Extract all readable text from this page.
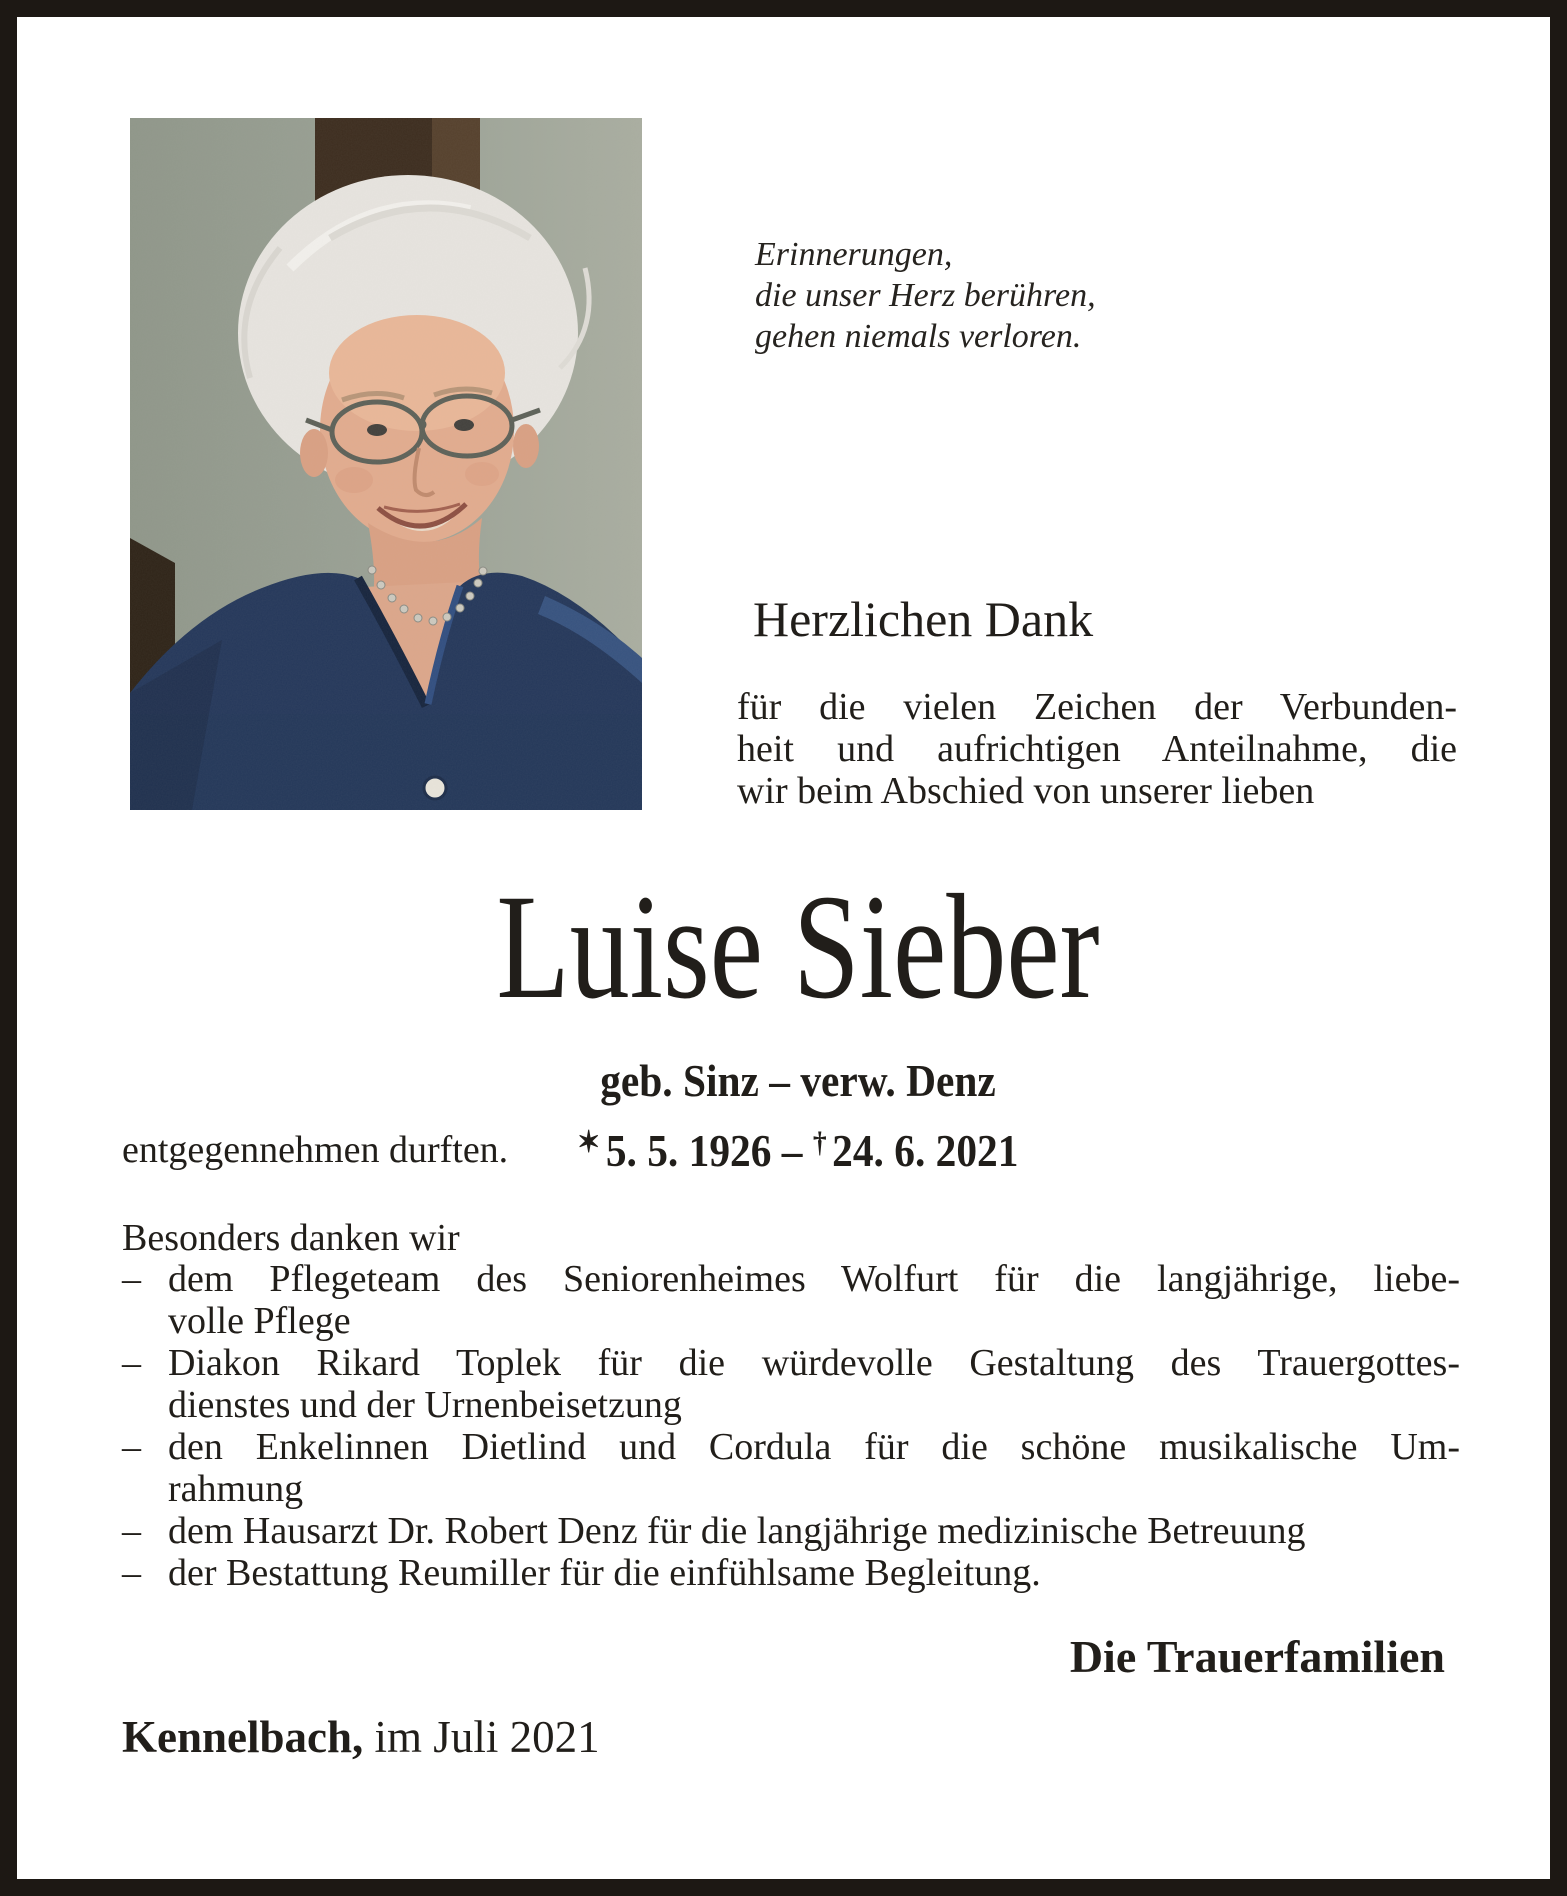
Erinnerungen,
die unser Herz berühren,
gehen niemals verloren.
Herzlichen Dank
für die vielen Zeichen der Verbunden-
heit und aufrichtigen Anteilnahme, die
wir beim Abschied von unserer lieben
Luise Sieber
geb. Sinz – verw. Denz
✶ 5. 5. 1926 – † 24. 6. 2021
entgegennehmen durften.
Besonders danken wir
– dem Pflegeteam des Seniorenheimes Wolfurt für die langjährige, liebe-
volle Pflege
– Diakon Rikard Toplek für die würdevolle Gestaltung des Trauergottes-
dienstes und der Urnenbeisetzung
– den Enkelinnen Dietlind und Cordula für die schöne musikalische Um-
rahmung
– dem Hausarzt Dr. Robert Denz für die langjährige medizinische Betreuung
– der Bestattung Reumiller für die einfühlsame Begleitung.
Die Trauerfamilien
Kennelbach, im Juli 2021
